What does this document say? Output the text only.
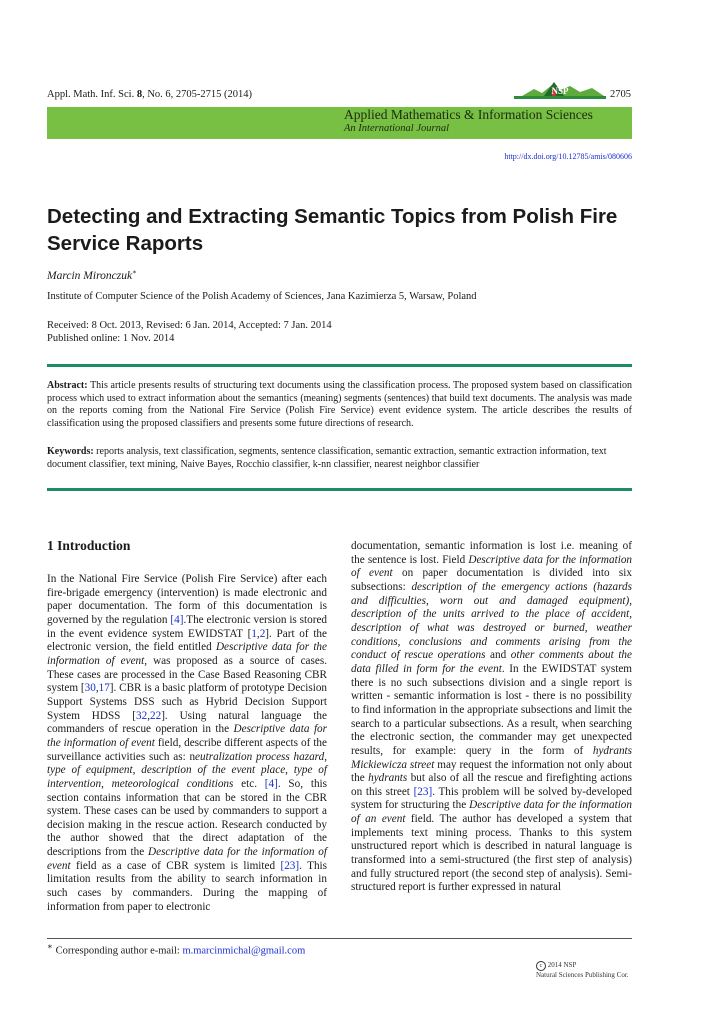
Appl. Math. Inf. Sci. 8, No. 6, 2705-2715 (2014)	NSP	2705
Applied Mathematics & Information Sciences
An International Journal
http://dx.doi.org/10.12785/amis/080606
Detecting and Extracting Semantic Topics from Polish Fire Service Raports
Marcin Mironczuk∗
Institute of Computer Science of the Polish Academy of Sciences, Jana Kazimierza 5, Warsaw, Poland
Received: 8 Oct. 2013, Revised: 6 Jan. 2014, Accepted: 7 Jan. 2014
Published online: 1 Nov. 2014
Abstract: This article presents results of structuring text documents using the classification process. The proposed system based on classification process which used to extract information about the semantics (meaning) segments (sentences) that build text documents. The analysis was made on the reports coming from the National Fire Service (Polish Fire Service) event evidence system. The article describes the results of classification using the proposed classifiers and presents some future directions of research.
Keywords: reports analysis, text classification, segments, sentence classification, semantic extraction, semantic extraction information, text document classifier, text mining, Naive Bayes, Rocchio classifier, k-nn classifier, nearest neighbor classifier
1 Introduction
In the National Fire Service (Polish Fire Service) after each fire-brigade emergency (intervention) is made electronic and paper documentation. The form of this documentation is governed by the regulation [4].The electronic version is stored in the event evidence system EWIDSTAT [1,2]. Part of the electronic version, the field entitled Descriptive data for the information of event, was proposed as a source of cases. These cases are processed in the Case Based Reasoning CBR system [30,17]. CBR is a basic platform of prototype Decision Support Systems DSS such as Hybrid Decision Support System HDSS [32,22]. Using natural language the commanders of rescue operation in the Descriptive data for the information of event field, describe different aspects of the surveillance activities such as: neutralization process hazard, type of equipment, description of the event place, type of intervention, meteorological conditions etc. [4]. So, this section contains information that can be stored in the CBR system. These cases can be used by commanders to support a decision making in the rescue action. Research conducted by the author showed that the direct adaptation of the descriptions from the Descriptive data for the information of event field as a case of CBR system is limited [23]. This limitation results from the ability to search information in such cases by commanders. During the mapping of information from paper to electronic
documentation, semantic information is lost i.e. meaning of the sentence is lost. Field Descriptive data for the information of event on paper documentation is divided into six subsections: description of the emergency actions (hazards and difficulties, worn out and damaged equipment), description of the units arrived to the place of accident, description of what was destroyed or burned, weather conditions, conclusions and comments arising from the conduct of rescue operations and other comments about the data filled in form for the event. In the EWIDSTAT system there is no such subsections division and a single report is written - semantic information is lost - there is no possibility to find information in the appropriate subsections and limit the search to a particular subsections. As a result, when searching the electronic section, the commander may get unexpected results, for example: query in the form of hydrants Mickiewicza street may request the information not only about the hydrants but also of all the rescue and firefighting actions on this street [23]. This problem will be solved by-developed system for structuring the Descriptive data for the information of an event field. The author has developed a system that implements text mining process. Thanks to this system unstructured report which is described in natural language is transformed into a semi-structured (the first step of analysis) and fully structured report (the second step of analysis). Semi-structured report is further expressed in natural
∗ Corresponding author e-mail: m.marcinmichal@gmail.com
c 2014 NSP
Natural Sciences Publishing Cor.
